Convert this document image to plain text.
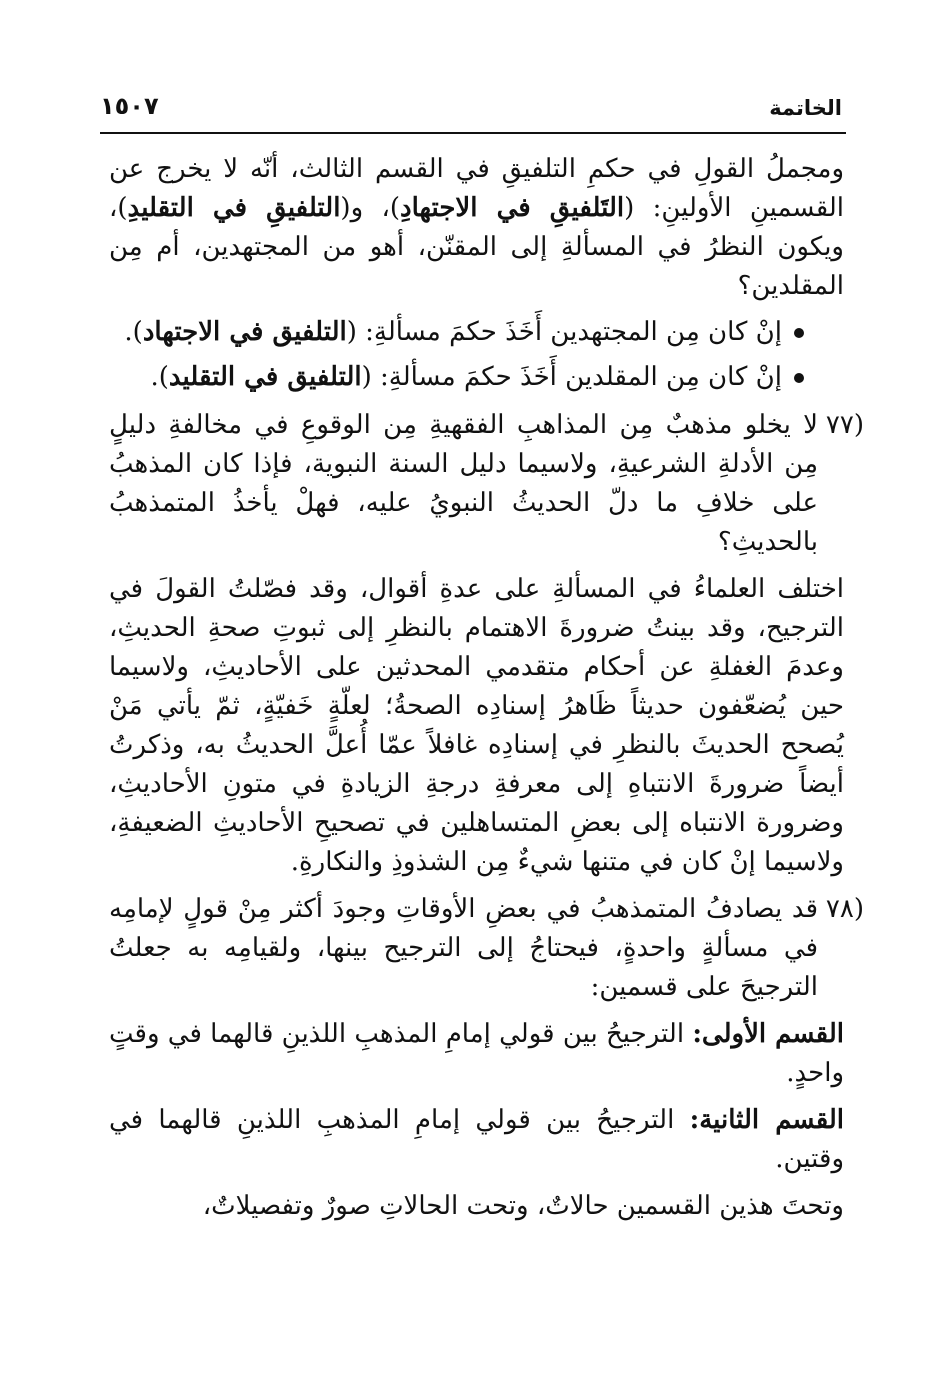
الخاتمة
١٥٠٧

ومجملُ القولِ في حكمِ التلفيقِ في القسم الثالث، أنّه لا يخرج عن القسمينِ الأولينِ: (التَلفيقِ في الاجتهادِ)، و(التلفيقِ في التقليدِ)، ويكون النظرُ في المسألةِ إلى المقنّن، أهو من المجتهدين، أم مِن المقلدين؟

إنْ كان مِن المجتهدين أَخَذَ حكمَ مسألةِ: (التلفيق في الاجتهاد).
إنْ كان مِن المقلدين أَخَذَ حكمَ مسألةِ: (التلفيق في التقليد).
٧٧)

لا يخلو مذهبٌ مِن المذاهبِ الفقهيةِ مِن الوقوعِ في مخالفةِ دليلٍ مِن الأدلةِ الشرعيةِ، ولاسيما دليل السنة النبوية، فإذا كان المذهبُ على خلافِ ما دلّ الحديثُ النبويُ عليه، فهلْ يأخذُ المتمذهبُ بالحديثِ؟

اختلف العلماءُ في المسألةِ على عدةِ أقوال، وقد فصّلتُ القولَ في الترجيح، وقد بينتُ ضرورةَ الاهتمام بالنظرِ إلى ثبوتِ صحةِ الحديثِ، وعدمَ الغفلةِ عن أحكام متقدمي المحدثين على الأحاديثِ، ولاسيما حين يُضعّفون حديثاً ظَاهرُ إسنادِه الصحةُ؛ لعلّةٍ خَفيّةٍ، ثمّ يأتي مَنْ يُصحح الحديثَ بالنظرِ في إسنادِه غافلاً عمّا أُعلَّ الحديثُ به، وذكرتُ أيضاً ضرورةَ الانتباهِ إلى معرفةِ درجةِ الزيادةِ في متونِ الأحاديثِ، وضرورة الانتباه إلى بعضِ المتساهلين في تصحيحِ الأحاديثِ الضعيفةِ، ولاسيما إنْ كان في متنها شيءٌ مِن الشذوذِ والنكارةِ.

٧٨)

قد يصادفُ المتمذهبُ في بعضِ الأوقاتِ وجودَ أكثر مِنْ قولٍ لإمامِه في مسألةٍ واحدةٍ، فيحتاجُ إلى الترجيح بينها، ولقيامِه به جعلتُ الترجيحَ على قسمين:

القسم الأولى: الترجيحُ بين قولي إمامِ المذهبِ اللذينِ قالهما في وقتٍ واحدٍ.

القسم الثانية: الترجيحُ بين قولي إمامِ المذهبِ اللذينِ قالهما في وقتين.

وتحتَ هذين القسمين حالاتٌ، وتحت الحالاتِ صورٌ وتفصيلاتٌ،
